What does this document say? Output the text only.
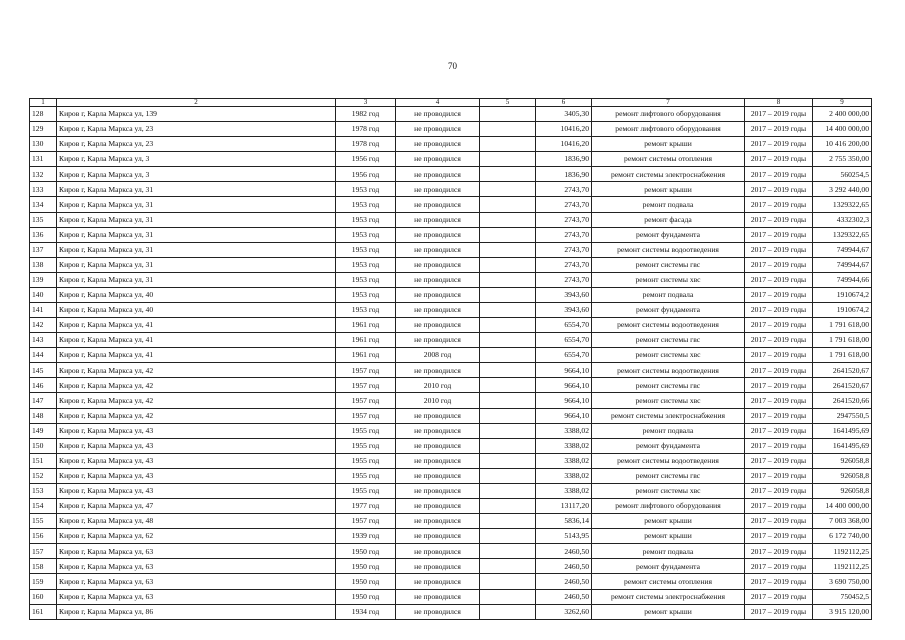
70
1	2	3	4	5	6	7	8	9
128	Киров г, Карла Маркса ул, 139	1982 год	не проводился		3405,30	ремонт лифтового оборудования	2017 – 2019 годы	2 400 000,00
129	Киров г, Карла Маркса ул, 23	1978 год	не проводился		10416,20	ремонт лифтового оборудования	2017 – 2019 годы	14 400 000,00
130	Киров г, Карла Маркса ул, 23	1978 год	не проводился		10416,20	ремонт крыши	2017 – 2019 годы	10 416 200,00
131	Киров г, Карла Маркса ул, 3	1956 год	не проводился		1836,90	ремонт системы отопления	2017 – 2019 годы	2 755 350,00
132	Киров г, Карла Маркса ул, 3	1956 год	не проводился		1836,90	ремонт системы электроснабжения	2017 – 2019 годы	560254,5
133	Киров г, Карла Маркса ул, 31	1953 год	не проводился		2743,70	ремонт крыши	2017 – 2019 годы	3 292 440,00
134	Киров г, Карла Маркса ул, 31	1953 год	не проводился		2743,70	ремонт подвала	2017 – 2019 годы	1329322,65
135	Киров г, Карла Маркса ул, 31	1953 год	не проводился		2743,70	ремонт фасада	2017 – 2019 годы	4332302,3
136	Киров г, Карла Маркса ул, 31	1953 год	не проводился		2743,70	ремонт фундамента	2017 – 2019 годы	1329322,65
137	Киров г, Карла Маркса ул, 31	1953 год	не проводился		2743,70	ремонт системы водоотведения	2017 – 2019 годы	749944,67
138	Киров г, Карла Маркса ул, 31	1953 год	не проводился		2743,70	ремонт системы гвс	2017 – 2019 годы	749944,67
139	Киров г, Карла Маркса ул, 31	1953 год	не проводился		2743,70	ремонт системы хвс	2017 – 2019 годы	749944,66
140	Киров г, Карла Маркса ул, 40	1953 год	не проводился		3943,60	ремонт подвала	2017 – 2019 годы	1910674,2
141	Киров г, Карла Маркса ул, 40	1953 год	не проводился		3943,60	ремонт фундамента	2017 – 2019 годы	1910674,2
142	Киров г, Карла Маркса ул, 41	1961 год	не проводился		6554,70	ремонт системы водоотведения	2017 – 2019 годы	1 791 618,00
143	Киров г, Карла Маркса ул, 41	1961 год	не проводился		6554,70	ремонт системы гвс	2017 – 2019 годы	1 791 618,00
144	Киров г, Карла Маркса ул, 41	1961 год	2008 год		6554,70	ремонт системы хвс	2017 – 2019 годы	1 791 618,00
145	Киров г, Карла Маркса ул, 42	1957 год	не проводился		9664,10	ремонт системы водоотведения	2017 – 2019 годы	2641520,67
146	Киров г, Карла Маркса ул, 42	1957 год	2010 год		9664,10	ремонт системы гвс	2017 – 2019 годы	2641520,67
147	Киров г, Карла Маркса ул, 42	1957 год	2010 год		9664,10	ремонт системы хвс	2017 – 2019 годы	2641520,66
148	Киров г, Карла Маркса ул, 42	1957 год	не проводился		9664,10	ремонт системы электроснабжения	2017 – 2019 годы	2947550,5
149	Киров г, Карла Маркса ул, 43	1955 год	не проводился		3388,02	ремонт подвала	2017 – 2019 годы	1641495,69
150	Киров г, Карла Маркса ул, 43	1955 год	не проводился		3388,02	ремонт фундамента	2017 – 2019 годы	1641495,69
151	Киров г, Карла Маркса ул, 43	1955 год	не проводился		3388,02	ремонт системы водоотведения	2017 – 2019 годы	926058,8
152	Киров г, Карла Маркса ул, 43	1955 год	не проводился		3388,02	ремонт системы гвс	2017 – 2019 годы	926058,8
153	Киров г, Карла Маркса ул, 43	1955 год	не проводился		3388,02	ремонт системы хвс	2017 – 2019 годы	926058,8
154	Киров г, Карла Маркса ул, 47	1977 год	не проводился		13117,20	ремонт лифтового оборудования	2017 – 2019 годы	14 400 000,00
155	Киров г, Карла Маркса ул, 48	1957 год	не проводился		5836,14	ремонт крыши	2017 – 2019 годы	7 003 368,00
156	Киров г, Карла Маркса ул, 62	1939 год	не проводился		5143,95	ремонт крыши	2017 – 2019 годы	6 172 740,00
157	Киров г, Карла Маркса ул, 63	1950 год	не проводился		2460,50	ремонт подвала	2017 – 2019 годы	1192112,25
158	Киров г, Карла Маркса ул, 63	1950 год	не проводился		2460,50	ремонт фундамента	2017 – 2019 годы	1192112,25
159	Киров г, Карла Маркса ул, 63	1950 год	не проводился		2460,50	ремонт системы отопления	2017 – 2019 годы	3 690 750,00
160	Киров г, Карла Маркса ул, 63	1950 год	не проводился		2460,50	ремонт системы электроснабжения	2017 – 2019 годы	750452,5
161	Киров г, Карла Маркса ул, 86	1934 год	не проводился		3262,60	ремонт крыши	2017 – 2019 годы	3 915 120,00
